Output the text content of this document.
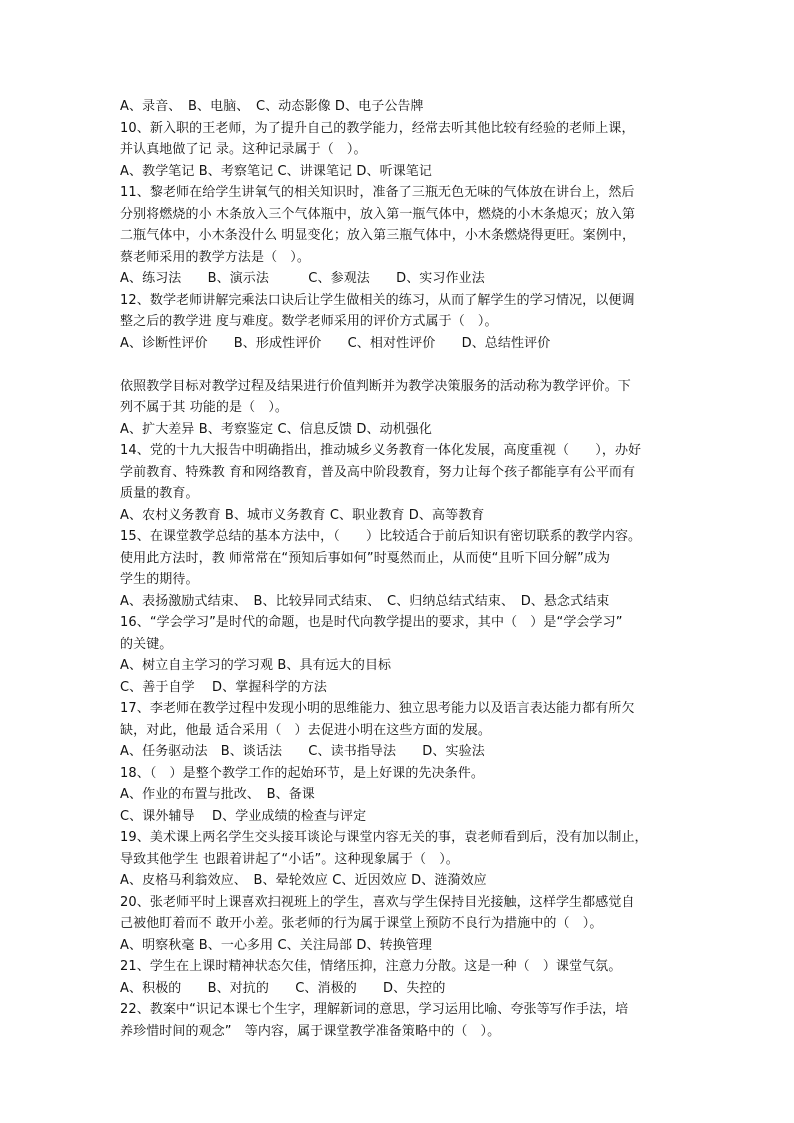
A、录音、　B、电脑、　C、动态影像 D、电子公告牌
10、新入职的王老师，为了提升自己的教学能力，经常去听其他比较有经验的老师上课，
并认真地做了记 录。这种记录属于（　）。
A、教学笔记 B、考察笔记 C、讲课笔记 D、听课笔记
11、黎老师在给学生讲氧气的相关知识时，准备了三瓶无色无味的气体放在讲台上，然后
分别将燃烧的小 木条放入三个气体瓶中，放入第一瓶气体中，燃烧的小木条熄灭；放入第
二瓶气体中，小木条没什么 明显变化；放入第三瓶气体中，小木条燃烧得更旺。案例中，
蔡老师采用的教学方法是（　）。
A、练习法　　B、演示法　　　C、参观法　　D、实习作业法
12、数学老师讲解完乘法口诀后让学生做相关的练习，从而了解学生的学习情况，以便调
整之后的教学进 度与难度。数学老师采用的评价方式属于（　）。
A、诊断性评价　　B、形成性评价　　C、相对性评价　　D、总结性评价
依照教学目标对教学过程及结果进行价值判断并为教学决策服务的活动称为教学评价。下
列不属于其 功能的是（　）。
A、扩大差异 B、考察鉴定 C、信息反馈 D、动机强化
14、党的十九大报告中明确指出，推动城乡义务教育一体化发展，高度重视（　　），办好
学前教育、特殊教 育和网络教育，普及高中阶段教育，努力让每个孩子都能享有公平而有
质量的教育。
A、农村义务教育 B、城市义务教育 C、职业教育 D、高等教育
15、在课堂教学总结的基本方法中，（　　）比较适合于前后知识有密切联系的教学内容。
使用此方法时，教 师常常在“预知后事如何”时戛然而止，从而使“且听下回分解”成为
学生的期待。
A、表扬激励式结束、　B、比较异同式结束、　C、归纳总结式结束、　D、悬念式结束
16、“学会学习”是时代的命题，也是时代向教学提出的要求，其中（　）是“学会学习”
的关键。
A、树立自主学习的学习观 B、具有远大的目标
C、善于自学　 D、掌握科学的方法
17、李老师在教学过程中发现小明的思维能力、独立思考能力以及语言表达能力都有所欠
缺，对此，他最 适合采用（　）去促进小明在这些方面的发展。
A、任务驱动法　B、谈话法　　C、读书指导法　　D、实验法
18、（　）是整个教学工作的起始环节，是上好课的先决条件。
A、作业的布置与批改、　B、备课
C、课外辅导　 D、学业成绩的检查与评定
19、美术课上两名学生交头接耳谈论与课堂内容无关的事，袁老师看到后，没有加以制止，
导致其他学生 也跟着讲起了“小话”。这种现象属于（　）。
A、皮格马利翁效应、　B、晕轮效应 C、近因效应 D、涟漪效应
20、张老师平时上课喜欢扫视班上的学生，喜欢与学生保持目光接触，这样学生都感觉自
己被他盯着而不 敢开小差。张老师的行为属于课堂上预防不良行为措施中的（　）。
A、明察秋毫 B、一心多用 C、关注局部 D、转换管理
21、学生在上课时精神状态欠佳，情绪压抑，注意力分散。这是一种（　）课堂气氛。
A、积极的　　B、对抗的　　C、消极的　　D、失控的
22、教案中“识记本课七个生字，理解新词的意思，学习运用比喻、夸张等写作手法，培
养珍惜时间的观念”　等内容，属于课堂教学准备策略中的（　）。
